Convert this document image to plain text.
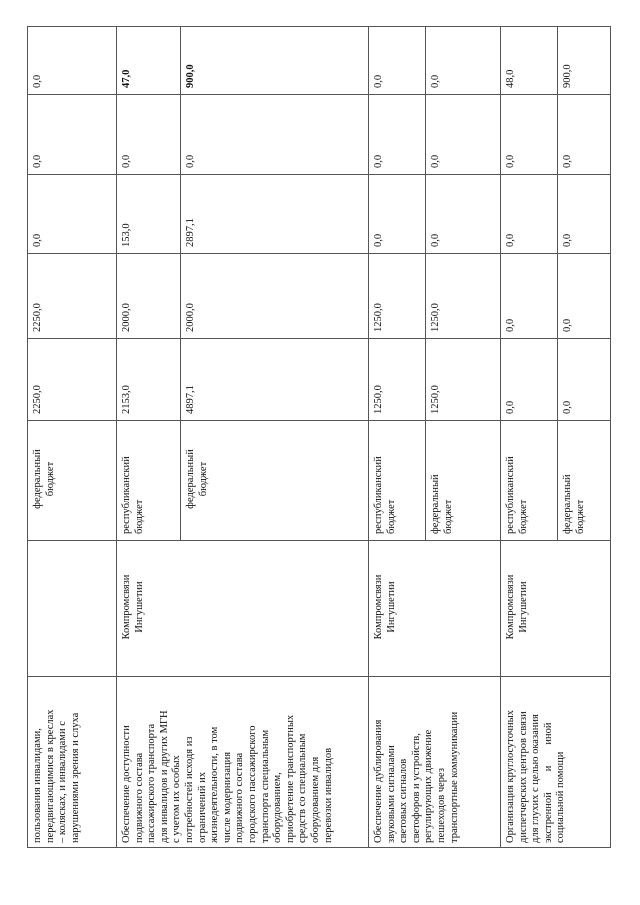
пользования инвалидами, передвигающимися в креслах – колясках, и инвалидами с нарушениями зрения и слуха
федеральный бюджет
2250,0
2250,0
0,0
0,0
0,0
Обеспечение доступности подвижного состава пассажирского транспорта для инвалидов и других МГН с учетом их особых потребностей исходя из ограничений их жизнедеятельности, в том числе модернизация подвижного состава городского пассажирского транспорта специальным оборудованием, приобретение транспортных средств со специальным оборудованием для перевозки инвалидов
Компромсвязи Ингушетии
республиканский бюджет
2153,0
2000,0
153,0
0,0
47,0
федеральный бюджет
4897,1
2000,0
2897,1
0,0
900,0
Обеспечение дублирования звуковыми сигналами световых сигналов светофоров и устройств, регулирующих движение пешеходов через транспортные коммуникации
Компромсвязи Ингушетии
республиканский бюджет
1250,0
1250,0
0,0
0,0
0,0
федеральный бюджет
1250,0
1250,0
0,0
0,0
0,0
Организация круглосуточных диспетчерских центров связи для глухих с целью оказания экстренной        и        иной социальной помощи
Компромсвязи Ингушетии
республиканский бюджет
0,0
0,0
0,0
0,0
48,0
федеральный бюджет
0,0
0,0
0,0
0,0
900,0
